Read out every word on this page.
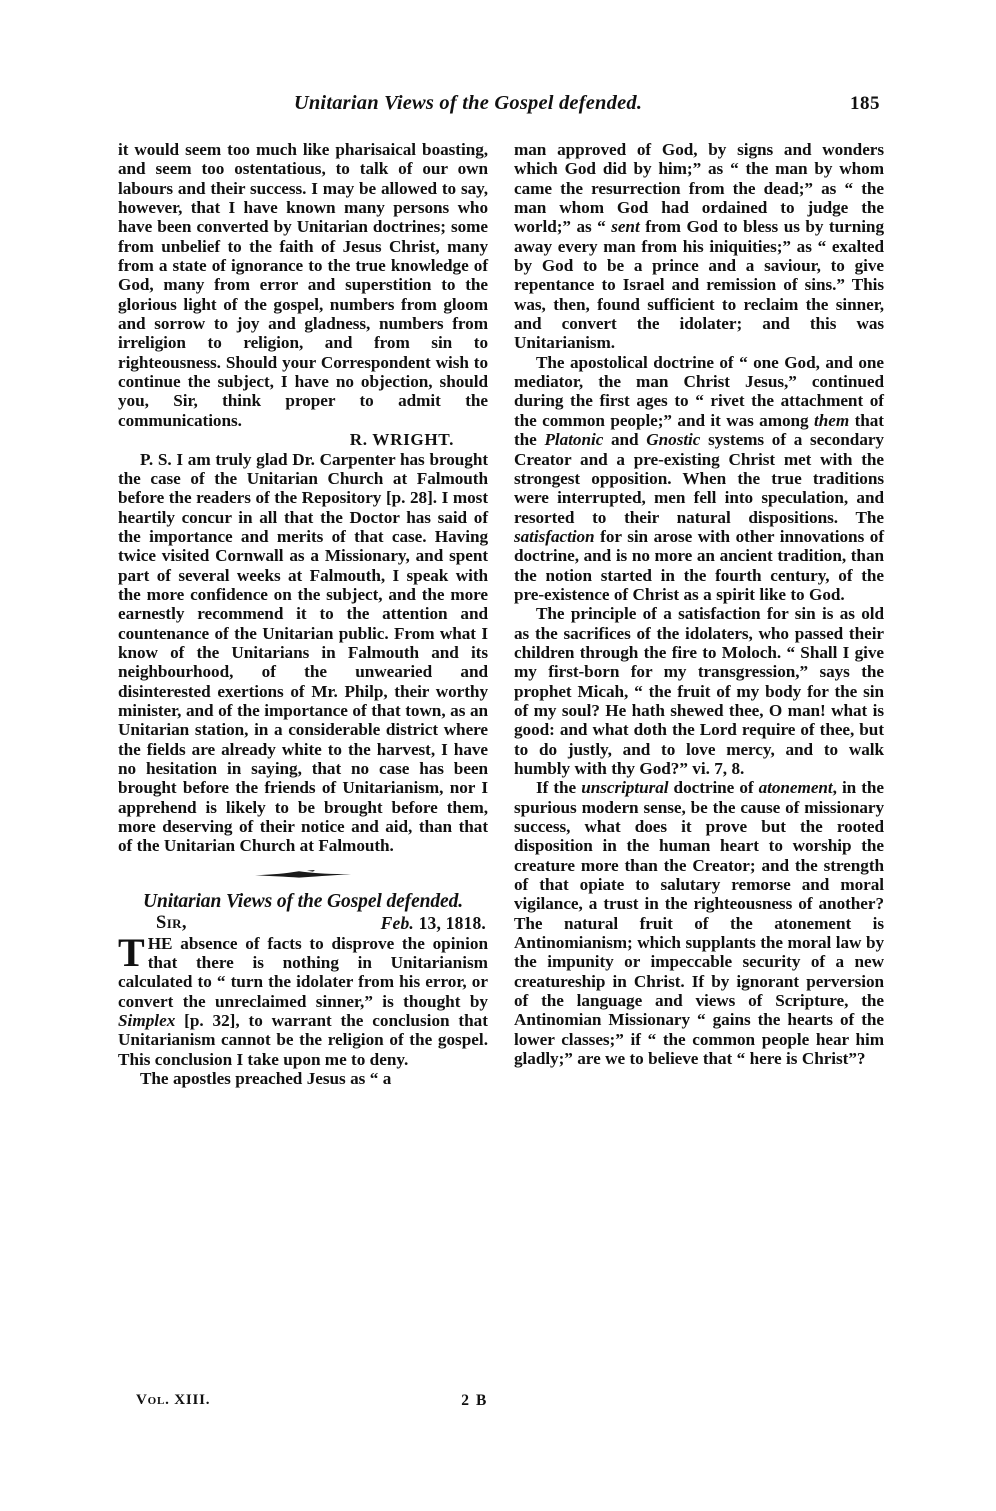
Unitarian Views of the Gospel defended.	185

it would seem too much like pharisaical boasting, and seem too ostentatious, to talk of our own labours and their success. I may be allowed to say, however, that I have known many persons who have been converted by Unitarian doctrines; some from unbelief to the faith of Jesus Christ, many from a state of ignorance to the true knowledge of God, many from error and superstition to the glorious light of the gospel, numbers from gloom and sorrow to joy and gladness, numbers from irreligion to religion, and from sin to righteousness. Should your Correspondent wish to continue the subject, I have no objection, should you, Sir, think proper to admit the communications.

R. WRIGHT.

P. S. I am truly glad Dr. Carpenter has brought the case of the Unitarian Church at Falmouth before the readers of the Repository [p. 28]. I most heartily concur in all that the Doctor has said of the importance and merits of that case. Having twice visited Cornwall as a Missionary, and spent part of several weeks at Falmouth, I speak with the more confidence on the subject, and the more earnestly recommend it to the attention and countenance of the Unitarian public. From what I know of the Unitarians in Falmouth and its neighbourhood, of the unwearied and disinterested exertions of Mr. Philp, their worthy minister, and of the importance of that town, as an Unitarian station, in a considerable district where the fields are already white to the harvest, I have no hesitation in saying, that no case has been brought before the friends of Unitarianism, nor I apprehend is likely to be brought before them, more deserving of their notice and aid, than that of the Unitarian Church at Falmouth.

Unitarian Views of the Gospel defended.

Sir,	Feb. 13, 1818.

THE absence of facts to disprove the opinion that there is nothing in Unitarianism calculated to “ turn the idolater from his error, or convert the unreclaimed sinner,” is thought by Simplex [p. 32], to warrant the conclusion that Unitarianism cannot be the religion of the gospel. This conclusion I take upon me to deny.

The apostles preached Jesus as “ a

man approved of God, by signs and wonders which God did by him;” as “ the man by whom came the resurrection from the dead;” as “ the man whom God had ordained to judge the world;” as “ sent from God to bless us by turning away every man from his iniquities;” as “ exalted by God to be a prince and a saviour, to give repentance to Israel and remission of sins.” This was, then, found sufficient to reclaim the sinner, and convert the idolater; and this was Unitarianism.

The apostolical doctrine of “ one God, and one mediator, the man Christ Jesus,” continued during the first ages to “ rivet the attachment of the common people;” and it was among them that the Platonic and Gnostic systems of a secondary Creator and a pre-existing Christ met with the strongest opposition. When the true traditions were interrupted, men fell into speculation, and resorted to their natural dispositions. The satisfaction for sin arose with other innovations of doctrine, and is no more an ancient tradition, than the notion started in the fourth century, of the pre-existence of Christ as a spirit like to God.

The principle of a satisfaction for sin is as old as the sacrifices of the idolaters, who passed their children through the fire to Moloch. “ Shall I give my first-born for my transgression,” says the prophet Micah, “ the fruit of my body for the sin of my soul? He hath shewed thee, O man! what is good: and what doth the Lord require of thee, but to do justly, and to love mercy, and to walk humbly with thy God?” vi. 7, 8.

If the unscriptural doctrine of atonement, in the spurious modern sense, be the cause of missionary success, what does it prove but the rooted disposition in the human heart to worship the creature more than the Creator; and the strength of that opiate to salutary remorse and moral vigilance, a trust in the righteousness of another? The natural fruit of the atonement is Antinomianism; which supplants the moral law by the impunity or impeccable security of a new creatureship in Christ. If by ignorant perversion of the language and views of Scripture, the Antinomian Missionary “ gains the hearts of the lower classes;” if “ the common people hear him gladly;” are we to believe that “ here is Christ”?

Vol. XIII.	2 B
